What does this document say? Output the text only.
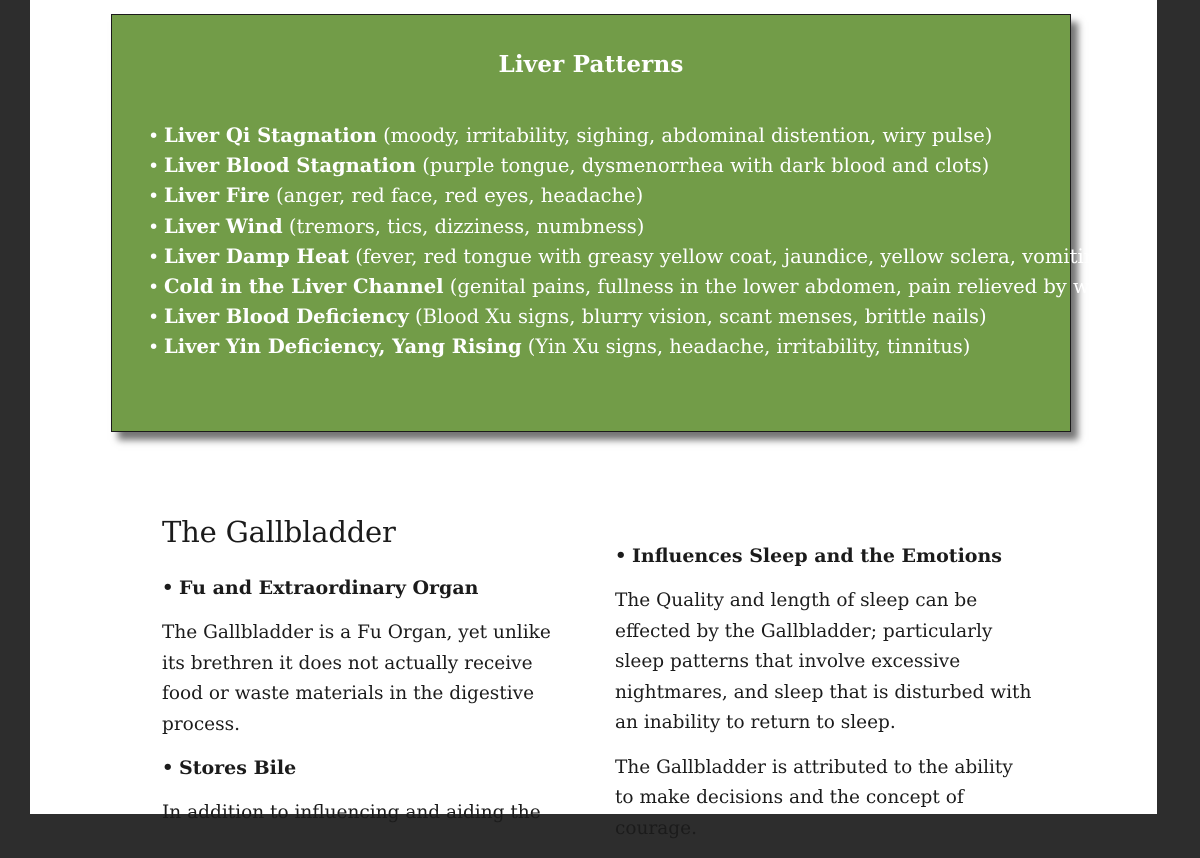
Liver Patterns
• Liver Qi Stagnation (moody, irritability, sighing, abdominal distention, wiry pulse)
• Liver Blood Stagnation (purple tongue, dysmenorrhea with dark blood and clots)
• Liver Fire (anger, red face, red eyes, headache)
• Liver Wind (tremors, tics, dizziness, numbness)
• Liver Damp Heat (fever, red tongue with greasy yellow coat, jaundice, yellow sclera, vomiting)
• Cold in the Liver Channel (genital pains, fullness in the lower abdomen, pain relieved by warmth)
• Liver Blood Deficiency (Blood Xu signs, blurry vision, scant menses, brittle nails)
• Liver Yin Deficiency, Yang Rising (Yin Xu signs, headache, irritability, tinnitus)
The Gallbladder
• Fu and Extraordinary Organ

The Gallbladder is a Fu Organ, yet unlike its brethren it does not actually receive food or waste materials in the digestive process.

• Stores Bile

In addition to influencing and aiding the

• Influences Sleep and the Emotions

The Quality and length of sleep can be effected by the Gallbladder; particularly sleep patterns that involve excessive nightmares, and sleep that is disturbed with an inability to return to sleep.

The Gallbladder is attributed to the ability to make decisions and the concept of courage.
